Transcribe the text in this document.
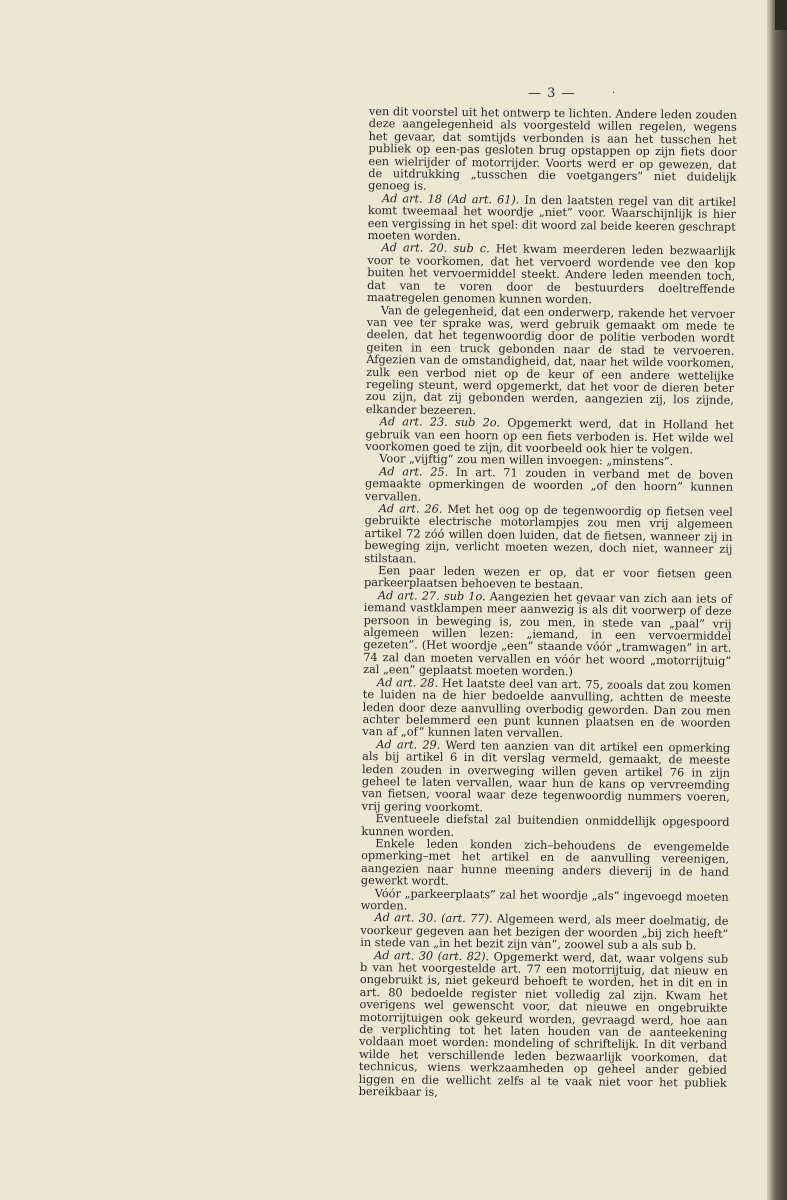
— 3 —	·

ven dit voorstel uit het ontwerp te lichten. Andere leden zouden deze aangelegenheid als voorgesteld willen regelen, wegens het gevaar, dat somtijds verbonden is aan het tusschen het publiek op een-pas gesloten brug opstappen op zijn fiets door een wielrijder of motorrijder. Voorts werd er op gewezen, dat de uitdrukking „tusschen die voetgangers” niet duidelijk genoeg is.

Ad art. 18 (Ad art. 61). In den laatsten regel van dit artikel komt tweemaal het woordje „niet” voor. Waarschijnlijk is hier een vergissing in het spel: dit woord zal beide keeren geschrapt moeten worden.

Ad art. 20. sub c. Het kwam meerderen leden bezwaarlijk voor te voorkomen, dat het vervoerd wordende vee den kop buiten het vervoermiddel steekt. Andere leden meenden toch, dat van te voren door de bestuurders doeltreffende maatregelen genomen kunnen worden.

Van de gelegenheid, dat een onderwerp, rakende het vervoer van vee ter sprake was, werd gebruik gemaakt om mede te deelen, dat het tegenwoordig door de politie verboden wordt geiten in een truck gebonden naar de stad te vervoeren. Afgezien van de omstandigheid, dat, naar het wilde voorkomen, zulk een verbod niet op de keur of een andere wettelijke regeling steunt, werd opgemerkt, dat het voor de dieren beter zou zijn, dat zij gebonden werden, aangezien zij, los zijnde, elkander bezeeren.

Ad art. 23. sub 2o. Opgemerkt werd, dat in Holland het gebruik van een hoorn op een fiets verboden is. Het wilde wel voorkomen goed te zijn, dit voorbeeld ook hier te volgen.

Voor „vijftig” zou men willen invoegen: „minstens”.

Ad art. 25. In art. 71 zouden in verband met de boven gemaakte opmerkingen de woorden „of den hoorn” kunnen vervallen.

Ad art. 26. Met het oog op de tegenwoordig op fietsen veel gebruikte electrische motorlampjes zou men vrij algemeen artikel 72 zóó willen doen luiden, dat de fietsen, wanneer zij in beweging zijn, verlicht moeten wezen, doch niet, wanneer zij stilstaan.

Een paar leden wezen er op, dat er voor fietsen geen parkeerplaatsen behoeven te bestaan.

Ad art. 27. sub 1o. Aangezien het gevaar van zich aan iets of iemand vastklampen meer aanwezig is als dit voorwerp of deze persoon in beweging is, zou men, in stede van „paal” vrij algemeen willen lezen: „iemand, in een vervoermiddel gezeten”. (Het woordje „een” staande vóór „tramwagen” in art. 74 zal dan moeten vervallen en vóór het woord „motorrijtuig” zal „een” geplaatst moeten worden.)

Ad art. 28. Het laatste deel van art. 75, zooals dat zou komen te luiden na de hier bedoelde aanvulling, achtten de meeste leden door deze aanvulling overbodig geworden. Dan zou men achter belemmerd een punt kunnen plaatsen en de woorden van af „of” kunnen laten vervallen.

Ad art. 29. Werd ten aanzien van dit artikel een opmerking als bij artikel 6 in dit verslag vermeld, gemaakt, de meeste leden zouden in overweging willen geven artikel 76 in zijn geheel te laten vervallen, waar hun de kans op vervreemding van fietsen, vooral waar deze tegenwoordig nummers voeren, vrij gering voorkomt.

Eventueele diefstal zal buitendien onmiddellijk opgespoord kunnen worden.

Enkele leden konden zich–behoudens de evengemelde opmerking–met het artikel en de aanvulling vereenigen, aangezien naar hunne meening anders dieverij in de hand gewerkt wordt.

Vóór „parkeerplaats” zal het woordje „als” ingevoegd moeten worden.

Ad art. 30. (art. 77). Algemeen werd, als meer doelmatig, de voorkeur gegeven aan het bezigen der woorden „bij zich heeft” in stede van „in het bezit zijn van”, zoowel sub a als sub b.

Ad art. 30 (art. 82). Opgemerkt werd, dat, waar volgens sub b van het voorgestelde art. 77 een motorrijtuig, dat nieuw en ongebruikt is, niet gekeurd behoeft te worden, het in dit en in art. 80 bedoelde register niet volledig zal zijn. Kwam het overigens wel gewenscht voor, dat nieuwe en ongebruikte motorrijtuigen ook gekeurd worden, gevraagd werd, hoe aan de verplichting tot het laten houden van de aanteekening voldaan moet worden: mondeling of schriftelijk. In dit verband wilde het verschillende leden bezwaarlijk voorkomen, dat technicus, wiens werkzaamheden op geheel ander gebied liggen en die wellicht zelfs al te vaak niet voor het publiek bereikbaar is,
